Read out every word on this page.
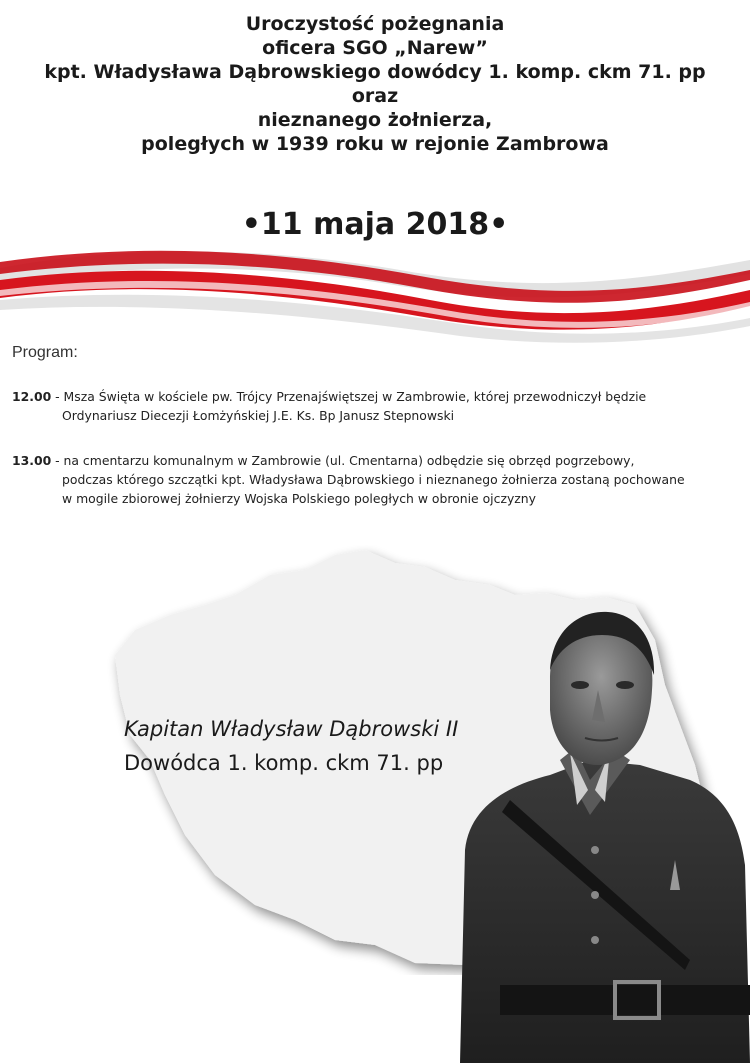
Uroczystość pożegnania
oficera SGO „Narew”
kpt. Władysława Dąbrowskiego dowódcy 1. komp. ckm 71. pp
oraz
nieznanego żołnierza,
poległych w 1939 roku w rejonie Zambrowa
•11 maja 2018•
Program:
12.00 - Msza Święta w kościele pw. Trójcy Przenajświętszej w Zambrowie, której przewodniczył będzie
Ordynariusz Diecezji Łomżyńskiej J.E. Ks. Bp Janusz Stepnowski
13.00 - na cmentarzu komunalnym w Zambrowie (ul. Cmentarna) odbędzie się obrzęd pogrzebowy,
podczas którego szczątki kpt. Władysława Dąbrowskiego i nieznanego żołnierza zostaną pochowane
w mogile zbiorowej żołnierzy Wojska Polskiego poległych w obronie ojczyzny
Kapitan Władysław Dąbrowski II
Dowódca 1. komp. ckm 71. pp
